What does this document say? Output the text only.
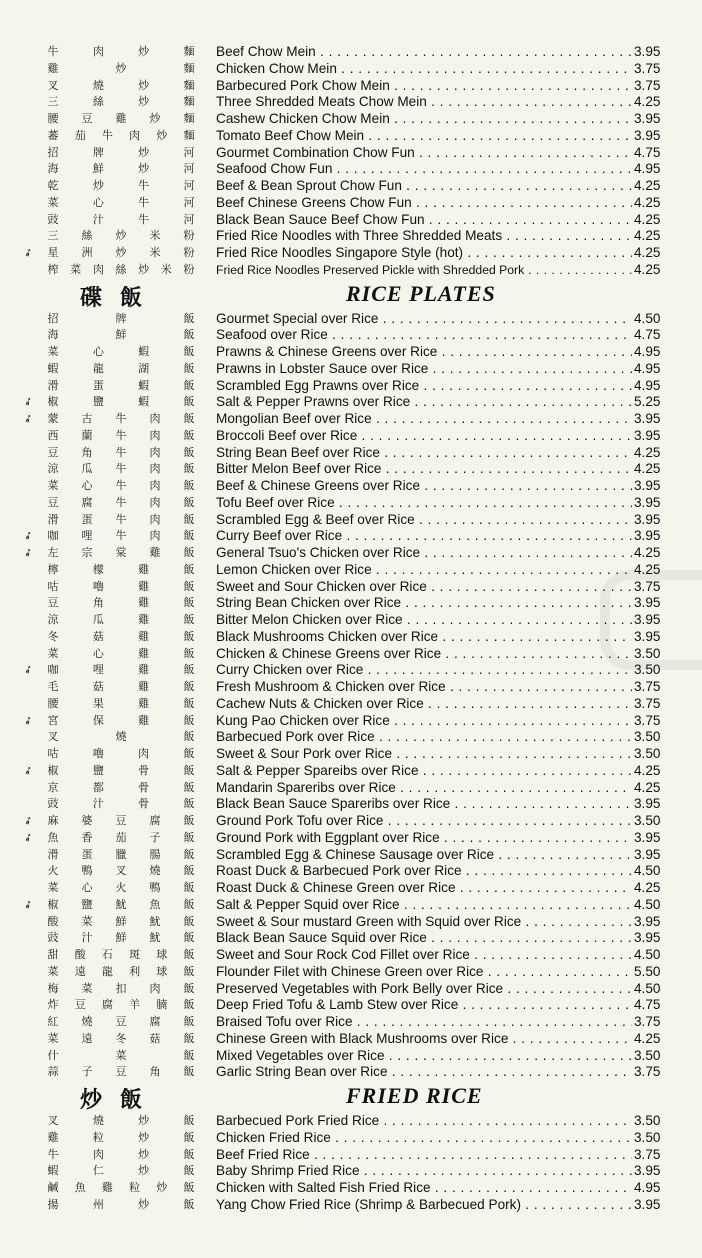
牛	肉	炒	麵 Beef Chow Mein . . .	3.95
雞	炒	麵 Chicken Chow Mein . . .	3.75
叉	燒	炒	麵 Barbecured Pork Chow Mein . . .	3.75
三	絲	炒	麵 Three Shredded Meats Chow Mein . . .	4.25
腰 豆 雞 炒 麵 Cashew Chicken Chow Mein . . .	3.95
蕃 茄 牛 肉 炒 麵 Tomato Beef Chow Mein . . .	3.95
招	牌	炒	河 Gourmet Combination Chow Fun . . .	4.75
海	鮮	炒	河 Seafood Chow Fun . . .	4.95
乾	炒	牛	河 Beef & Bean Sprout Chow Fun . . .	4.25
菜	心	牛	河 Beef Chinese Greens Chow Fun . . .	4.25
豉	汁	牛	河 Black Bean Sauce Beef Chow Fun . . .	4.25
三 絲 炒 米 粉 Fried Rice Noodles with Three Shredded Meats . . .	4.25
➶ 星 洲 炒 米 粉 Fried Rice Noodles Singapore Style (hot) . . .	4.25
榨 菜 肉 絲 炒 米 粉 Fried Rice Noodles Preserved Pickle with Shredded Pork . . .	4.25
碟飯	RICE PLATES
招	牌	飯 Gourmet Special over Rice . . .	4.50
海	鮮	飯 Seafood over Rice . . .	4.75
菜	心	蝦	飯 Prawns & Chinese Greens over Rice . . .	4.95
蝦	龍	湖	飯 Prawns in Lobster Sauce over Rice . . .	4.95
滑	蛋	蝦	飯 Scrambled Egg Prawns over Rice . . .	4.95
➶ 椒	鹽	蝦	飯 Salt & Pepper Prawns over Rice . . .	5.25
➶ 蒙 古 牛 肉 飯 Mongolian Beef over Rice . . .	3.95
西 蘭 牛 肉 飯 Broccoli Beef over Rice . . .	3.95
豆 角 牛 肉 飯 String Bean Beef over Rice . . .	4.25
涼 瓜 牛 肉 飯 Bitter Melon Beef over Rice . . .	4.25
菜 心 牛 肉 飯 Beef & Chinese Greens over Rice . . .	3.95
豆 腐 牛 肉 飯 Tofu Beef over Rice . . .	3.95
滑 蛋 牛 肉 飯 Scrambled Egg & Beef over Rice . . .	3.95
➶ 咖 哩 牛 肉 飯 Curry Beef over Rice . . .	3.95
➶ 左 宗 棠 雞 飯 General Tsuo's Chicken over Rice . . .	4.25
檸	檬	雞	飯 Lemon Chicken over Rice . . .	4.25
咕	嚕	雞	飯 Sweet and Sour Chicken over Rice . . .	3.75
豆	角	雞	飯 String Bean Chicken over Rice . . .	3.95
涼	瓜	雞	飯 Bitter Melon Chicken over Rice . . .	3.95
冬	菇	雞	飯 Black Mushrooms Chicken over Rice . . .	3.95
菜	心	雞	飯 Chicken & Chinese Greens over Rice . . .	3.50
➶ 咖	哩	雞	飯 Curry Chicken over Rice . . .	3.50
毛	菇	雞	飯 Fresh Mushroom & Chicken over Rice . . .	3.75
腰	果	雞	飯 Cachew Nuts & Chicken over Rice . . .	3.75
➶ 宮	保	雞	飯 Kung Pao Chicken over Rice . . .	3.75
叉	燒	飯 Barbecued Pork over Rice . . .	3.50
咕	嚕	肉	飯 Sweet & Sour Pork over Rice . . .	3.50
➶ 椒	鹽	骨	飯 Salt & Pepper Spareibs over Rice . . .	4.25
京	都	骨	飯 Mandarin Spareribs over Rice . . .	4.25
豉	汁	骨	飯 Black Bean Sauce Spareribs over Rice . . .	3.95
➶ 麻 婆 豆 腐 飯 Ground Pork Tofu over Rice . . .	3.50
➶ 魚 香 茄 子 飯 Ground Pork with Eggplant over Rice . . .	3.95
滑 蛋 臘 腸 飯 Scrambled Egg & Chinese Sausage over Rice . . .	3.95
火 鴨 叉 燒 飯 Roast Duck & Barbecued Pork over Rice . . .	4.50
菜 心 火 鴨 飯 Roast Duck & Chinese Green over Rice . . .	4.25
➶ 椒 鹽 魷 魚 飯 Salt & Pepper Squid over Rice . . .	4.50
酸 菜 鮮 魷 飯 Sweet & Sour mustard Green with Squid over Rice . . .	3.95
豉 汁 鮮 魷 飯 Black Bean Sauce Squid over Rice . . .	3.95
甜 酸 石 斑 球 飯 Sweet and Sour Rock Cod Fillet over Rice . . .	4.50
菜 遠 龍 利 球 飯 Flounder Filet with Chinese Green over Rice . . .	5.50
梅 菜 扣 肉 飯 Preserved Vegetables with Pork Belly over Rice . . .	4.50
炸 豆 腐 羊 腩 飯 Deep Fried Tofu & Lamb Stew over Rice . . .	4.75
紅 燒 豆 腐 飯 Braised Tofu over Rice . . .	3.75
菜 遠 冬 菇 飯 Chinese Green with Black Mushrooms over Rice . . .	4.25
什	菜	飯 Mixed Vegetables over Rice . . .	3.50
蒜 子 豆 角 飯 Garlic String Bean over Rice . . .	3.75
炒飯	FRIED RICE
叉	燒	炒	飯 Barbecued Pork Fried Rice . . .	3.50
雞	粒	炒	飯 Chicken Fried Rice . . .	3.50
牛	肉	炒	飯 Beef Fried Rice . . .	3.75
蝦	仁	炒	飯 Baby Shrimp Fried Rice . . .	3.95
鹹 魚 雞 粒 炒 飯 Chicken with Salted Fish Fried Rice . . .	4.95
揚	州	炒	飯 Yang Chow Fried Rice (Shrimp & Barbecued Pork) . . .	3.95
